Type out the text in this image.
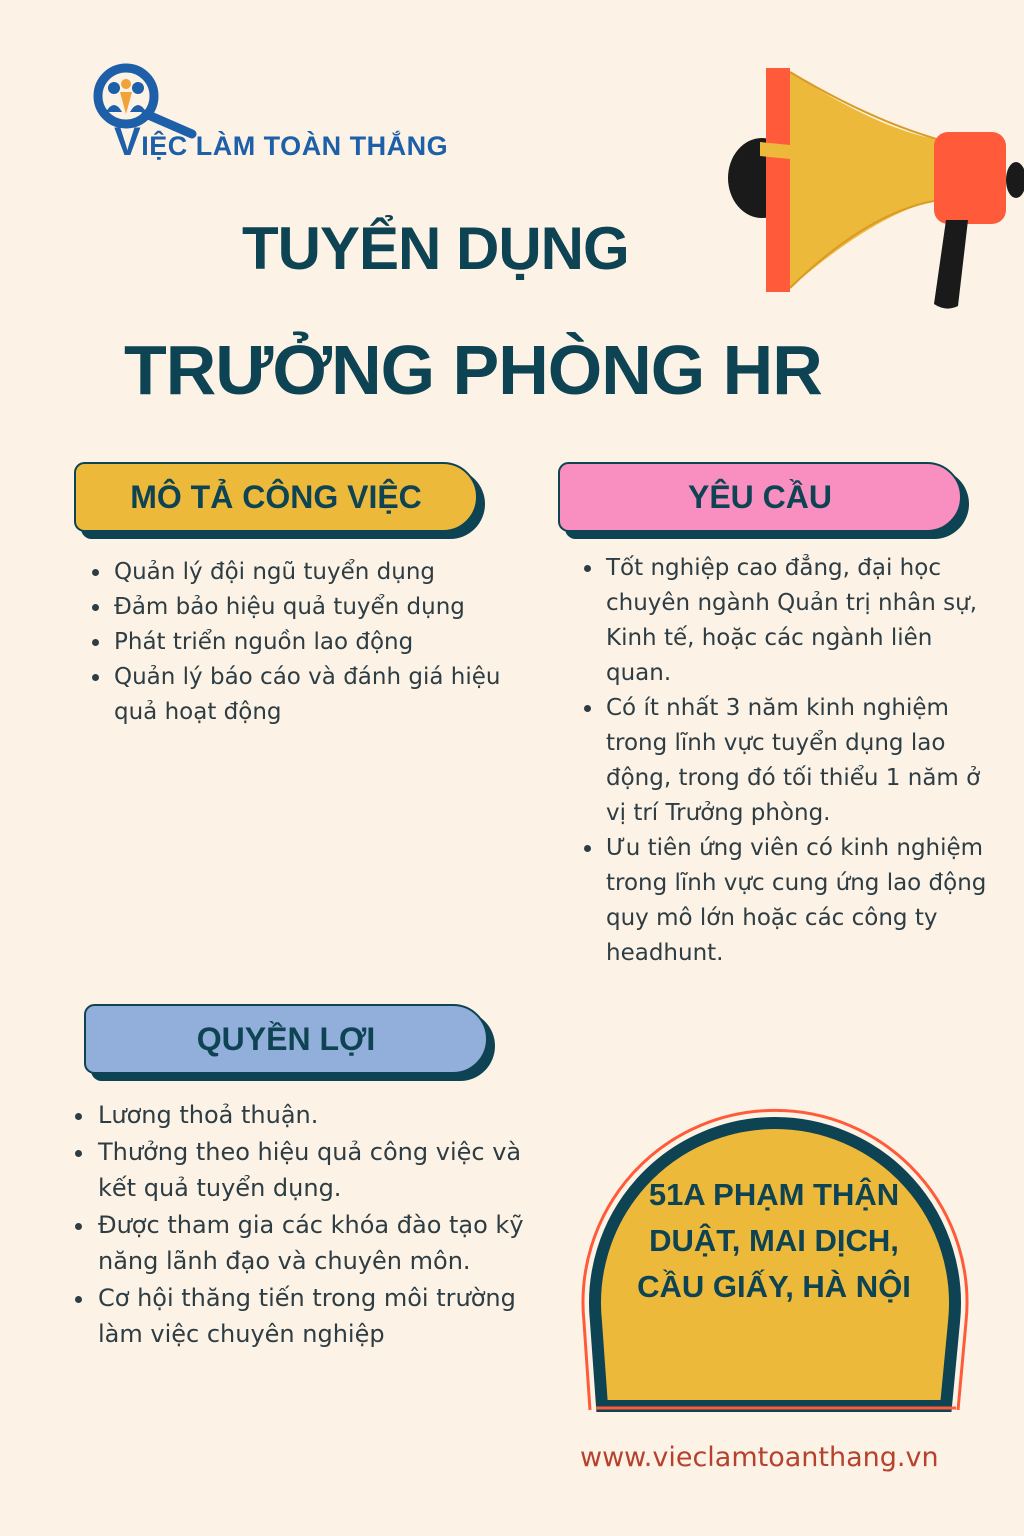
VIỆC LÀM TOÀN THẮNG
TUYỂN DỤNG
TRƯỞNG PHÒNG HR
MÔ TẢ CÔNG VIỆC
• Quản lý đội ngũ tuyển dụng
• Đảm bảo hiệu quả tuyển dụng
• Phát triển nguồn lao động
• Quản lý báo cáo và đánh giá hiệu quả hoạt động
YÊU CẦU
• Tốt nghiệp cao đẳng, đại học chuyên ngành Quản trị nhân sự, Kinh tế, hoặc các ngành liên quan.
• Có ít nhất 3 năm kinh nghiệm trong lĩnh vực tuyển dụng lao động, trong đó tối thiểu 1 năm ở vị trí Trưởng phòng.
• Ưu tiên ứng viên có kinh nghiệm trong lĩnh vực cung ứng lao động quy mô lớn hoặc các công ty headhunt.
QUYỀN LỢI
• Lương thoả thuận.
• Thưởng theo hiệu quả công việc và kết quả tuyển dụng.
• Được tham gia các khóa đào tạo kỹ năng lãnh đạo và chuyên môn.
• Cơ hội thăng tiến trong môi trường làm việc chuyên nghiệp
51A PHẠM THẬN
DUẬT, MAI DỊCH,
CẦU GIẤY, HÀ NỘI
www.vieclamtoanthang.vn
